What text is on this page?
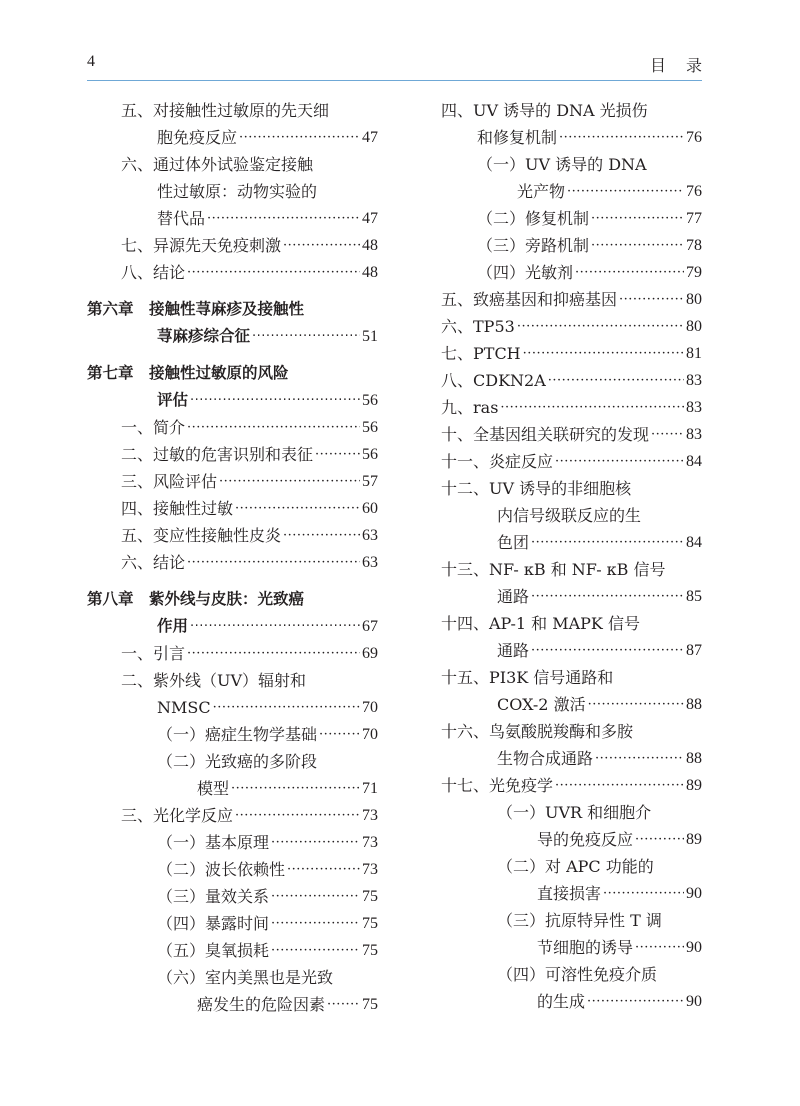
4	目录
五、对接触性过敏原的先天细
胞免疫反应 ·····	47
六、通过体外试验鉴定接触
性过敏原：动物实验的
替代品 ·····	47
七、异源先天免疫刺激 ·····	48
八、结论 ·····	48
第六章　接触性荨麻疹及接触性
荨麻疹综合征 ·····	51
第七章　接触性过敏原的风险
评估 ·····	56
一、简介 ·····	56
二、过敏的危害识别和表征 ·····	56
三、风险评估 ·····	57
四、接触性过敏 ·····	60
五、变应性接触性皮炎 ·····	63
六、结论 ·····	63
第八章　紫外线与皮肤：光致癌
作用 ·····	67
一、引言 ·····	69
二、紫外线（UV）辐射和
NMSC ·····	70
（一）癌症生物学基础 ·····	70
（二）光致癌的多阶段
模型 ·····	71
三、光化学反应 ·····	73
（一）基本原理 ·····	73
（二）波长依赖性 ·····	73
（三）量效关系 ·····	75
（四）暴露时间 ·····	75
（五）臭氧损耗 ·····	75
（六）室内美黑也是光致
癌发生的危险因素 ····· 75
四、UV 诱导的 DNA 光损伤
和修复机制 ·····	76
（一）UV 诱导的 DNA
光产物 ·····	76
（二）修复机制 ·····	77
（三）旁路机制 ·····	78
（四）光敏剂 ·····	79
五、致癌基因和抑癌基因 ·····	80
六、TP53 ·····	80
七、PTCH ·····	81
八、CDKN2A ·····	83
九、ras ·····	83
十、全基因组关联研究的发现 ····· 83
十一、炎症反应 ·····	84
十二、UV 诱导的非细胞核
内信号级联反应的生
色团 ·····	84
十三、NF- κB 和 NF- κB 信号
通路 ·····	85
十四、AP-1 和 MAPK 信号
通路 ·····	87
十五、PI3K 信号通路和
COX-2 激活 ·····	88
十六、鸟氨酸脱羧酶和多胺
生物合成通路 ·····	88
十七、光免疫学 ·····	89
（一）UVR 和细胞介
导的免疫反应 ·····	89
（二）对 APC 功能的
直接损害 ·····	90
（三）抗原特异性 T 调
节细胞的诱导 ·····	90
（四）可溶性免疫介质
的生成 ·····	90
